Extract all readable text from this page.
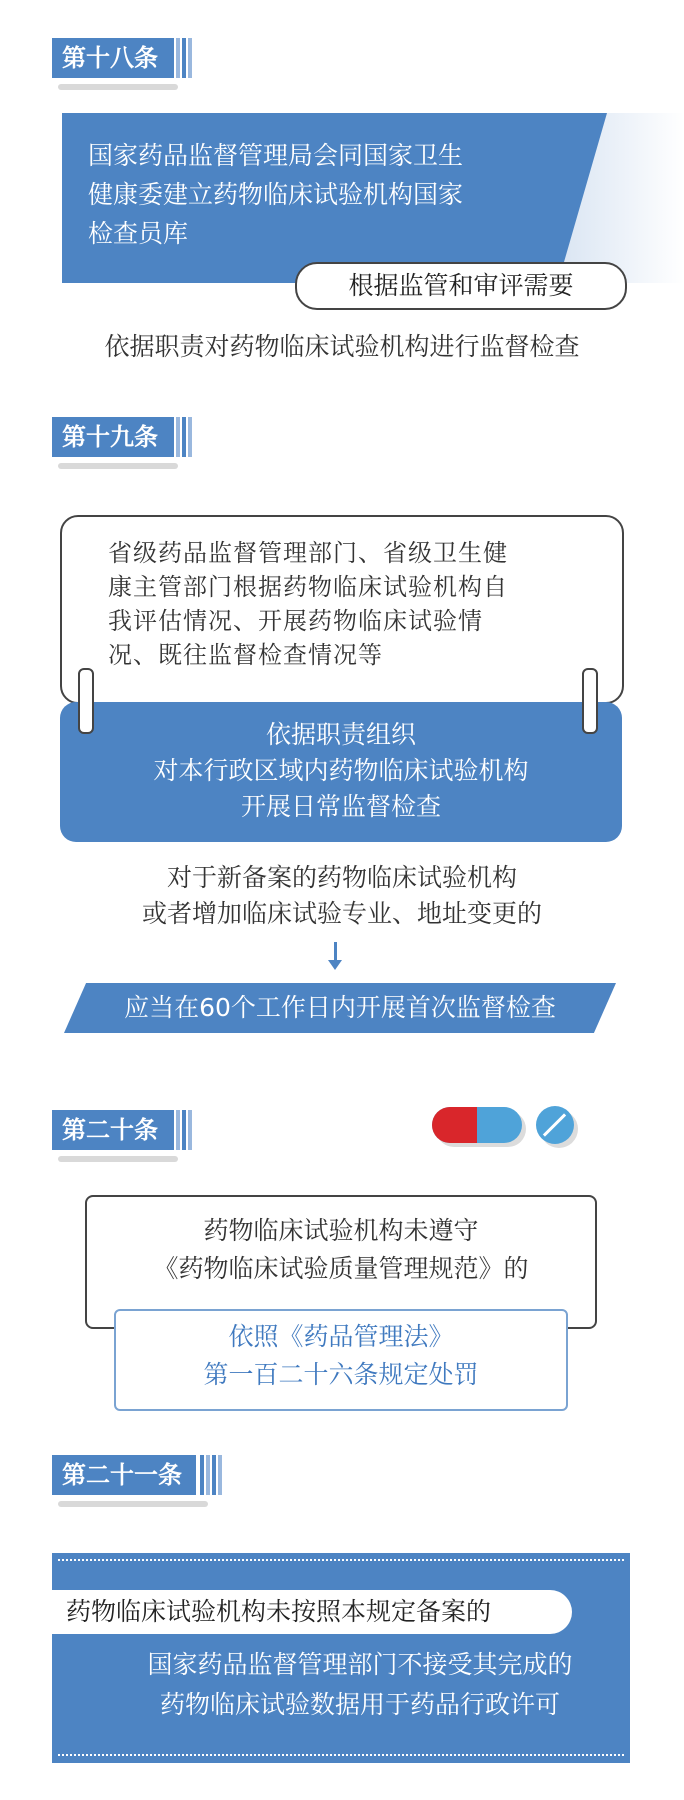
第十八条
国家药品监督管理局会同国家卫生
健康委建立药物临床试验机构国家
检查员库
根据监管和审评需要
依据职责对药物临床试验机构进行监督检查
第十九条
省级药品监督管理部门、省级卫生健
康主管部门根据药物临床试验机构自
我评估情况、开展药物临床试验情
况、既往监督检查情况等
依据职责组织
对本行政区域内药物临床试验机构
开展日常监督检查
对于新备案的药物临床试验机构
或者增加临床试验专业、地址变更的
应当在60个工作日内开展首次监督检查
第二十条
药物临床试验机构未遵守
《药物临床试验质量管理规范》的
依照《药品管理法》
第一百二十六条规定处罚
第二十一条
药物临床试验机构未按照本规定备案的
国家药品监督管理部门不接受其完成的
药物临床试验数据用于药品行政许可
